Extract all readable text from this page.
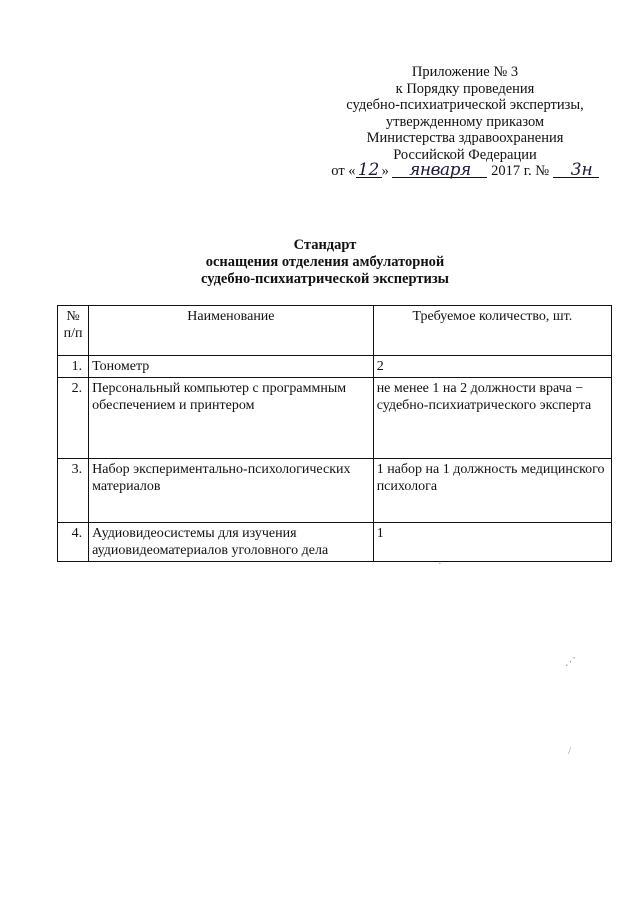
Приложение № 3
к Порядку проведения
судебно-психиатрической экспертизы,
утвержденному приказом
Министерства здравоохранения
Российской Федерации
от « 12 » января 2017 г. № 3н
Стандарт
оснащения отделения амбулаторной
судебно-психиатрической экспертизы
№ п/п	Наименование	Требуемое количество, шт.
1.	Тонометр	2
2.	Персональный компьютер с программным обеспечением и принтером	не менее 1 на 2 должности врача − судебно-психиатрического эксперта
3.	Набор экспериментально-психологических материалов	1 набор на 1 должность медицинского психолога
4.	Аудиовидеосистемы для изучения аудиовидеоматериалов уголовного дела	1
·
⋰
/
